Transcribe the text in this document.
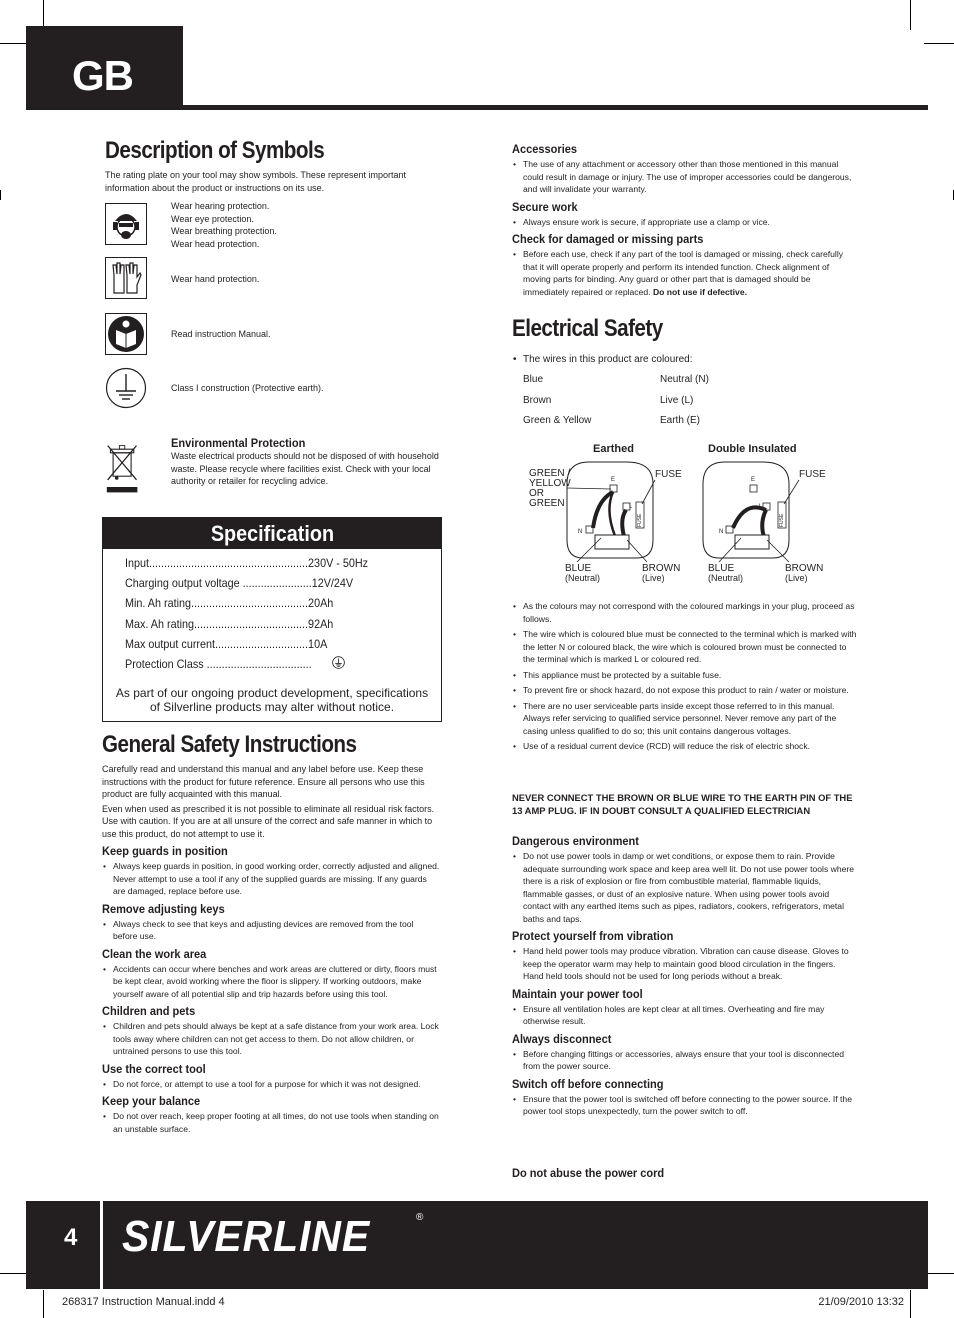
GB
Description of Symbols
The rating plate on your tool may show symbols. These represent important information about the product or instructions on its use.
Wear hearing protection.
Wear eye protection.
Wear breathing protection.
Wear head protection.
Wear hand protection.
Read instruction Manual.
Class I construction (Protective earth).
Environmental Protection
Waste electrical products should not be disposed of with household waste. Please recycle where facilities exist. Check with your local authority or retailer for recycling advice.
Specification
Input.....................................................230V - 50Hz
Charging output voltage .......................12V/24V
Min. Ah rating.......................................20Ah
Max. Ah rating......................................92Ah
Max output current...............................10A
Protection Class ...................................
As part of our ongoing product development, specifications of Silverline products may alter without notice.
General Safety Instructions
Carefully read and understand this manual and any label before use. Keep these instructions with the product for future reference. Ensure all persons who use this product are fully acquainted with this manual.
Even when used as prescribed it is not possible to eliminate all residual risk factors. Use with caution. If you are at all unsure of the correct and safe manner in which to use this product, do not attempt to use it.
Keep guards in position
• Always keep guards in position, in good working order, correctly adjusted and aligned. Never attempt to use a tool if any of the supplied guards are missing. If any guards are damaged, replace before use.
Remove adjusting keys
• Always check to see that keys and adjusting devices are removed from the tool before use.
Clean the work area
• Accidents can occur where benches and work areas are cluttered or dirty, floors must be kept clear, avoid working where the floor is slippery. If working outdoors, make yourself aware of all potential slip and trip hazards before using this tool.
Children and pets
• Children and pets should always be kept at a safe distance from your work area. Lock tools away where children can not get access to them. Do not allow children, or untrained persons to use this tool.
Use the correct tool
• Do not force, or attempt to use a tool for a purpose for which it was not designed.
Keep your balance
• Do not over reach, keep proper footing at all times, do not use tools when standing on an unstable surface.
Accessories
• The use of any attachment or accessory other than those mentioned in this manual could result in damage or injury. The use of improper accessories could be dangerous, and will invalidate your warranty.
Secure work
• Always ensure work is secure, if appropriate use a clamp or vice.
Check for damaged or missing parts
• Before each use, check if any part of the tool is damaged or missing, check carefully that it will operate properly and perform its intended function. Check alignment of moving parts for binding. Any guard or other part that is damaged should be immediately repaired or replaced. Do not use if defective.
Electrical Safety
• The wires in this product are coloured:
Blue	Neutral (N)
Brown	Live (L)
Green & Yellow	Earth (E)
Earthed	Double Insulated
E
L
N
FUSE
GREEN /
YELLOW
OR
GREEN
FUSE
BLUE
(Neutral)
BROWN
(Live)
E
L
N
FUSE
FUSE
BLUE
(Neutral)
BROWN
(Live)
• As the colours may not correspond with the coloured markings in your plug, proceed as follows.
• The wire which is coloured blue must be connected to the terminal which is marked with the letter N or coloured black, the wire which is coloured brown must be connected to the terminal which is marked L or coloured red.
• This appliance must be protected by a suitable fuse.
• To prevent fire or shock hazard, do not expose this product to rain / water or moisture.
• There are no user serviceable parts inside except those referred to in this manual. Always refer servicing to qualified service personnel. Never remove any part of the casing unless qualified to do so; this unit contains dangerous voltages.
• Use of a residual current device (RCD) will reduce the risk of electric shock.
NEVER CONNECT THE BROWN OR BLUE WIRE TO THE EARTH PIN OF THE 13 AMP PLUG. IF IN DOUBT CONSULT A QUALIFIED ELECTRICIAN
Dangerous environment
• Do not use power tools in damp or wet conditions, or expose them to rain. Provide adequate surrounding work space and keep area well lit. Do not use power tools where there is a risk of explosion or fire from combustible material, flammable liquids, flammable gasses, or dust of an explosive nature. When using power tools avoid contact with any earthed items such as pipes, radiators, cookers, refrigerators, metal baths and taps.
Protect yourself from vibration
• Hand held power tools may produce vibration. Vibration can cause disease. Gloves to keep the operator warm may help to maintain good blood circulation in the fingers. Hand held tools should not be used for long periods without a break.
Maintain your power tool
• Ensure all ventilation holes are kept clear at all times. Overheating and fire may otherwise result.
Always disconnect
• Before changing fittings or accessories, always ensure that your tool is disconnected from the power source.
Switch off before connecting
• Ensure that the power tool is switched off before connecting to the power source. If the power tool stops unexpectedly, turn the power switch to off.
Do not abuse the power cord
4 SILVERLINE	®
268317 Instruction Manual.indd 4	21/09/2010 13:32
